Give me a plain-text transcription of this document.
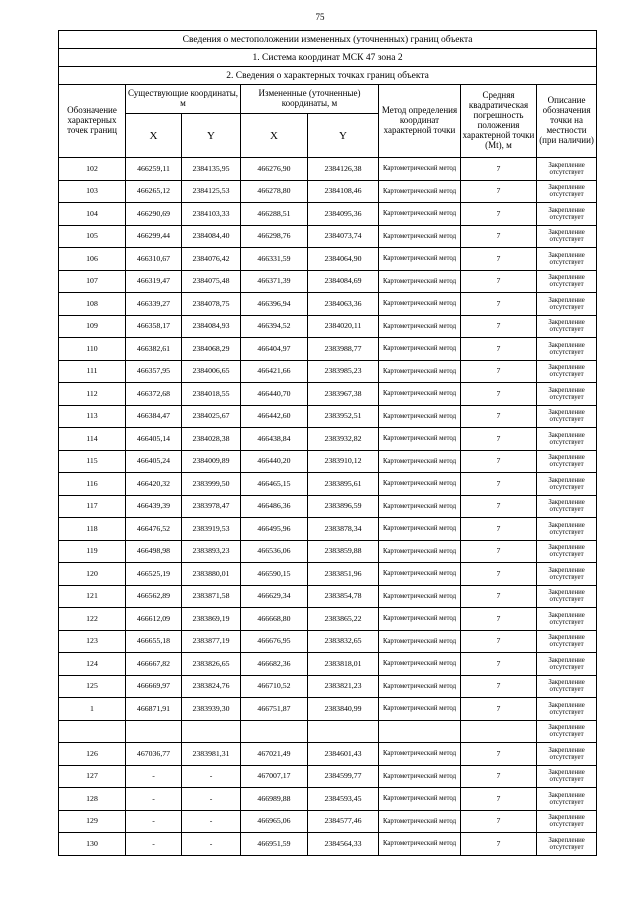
75
Сведения о местоположении измененных (уточненных) границ объекта							
1. Система координат МСК 47 зона 2							
2. Сведения о характерных точках границ объекта							
Обозначение характерных точек границ	Существующие координаты, м		Измененные (уточненные) координаты, м		Метод определения координат характерной точки	Средняя квадратическая погрешность положения характерной точки (Mt), м	Описание обозначения точки на местности (при наличии)
	X	Y	X	Y			
102	466259,11	2384135,95	466276,90	2384126,38	Картометрический метод	7	Закрепление отсутствует
103	466265,12	2384125,53	466278,80	2384108,46	Картометрический метод	7	Закрепление отсутствует
104	466290,69	2384103,33	466288,51	2384095,36	Картометрический метод	7	Закрепление отсутствует
105	466299,44	2384084,40	466298,76	2384073,74	Картометрический метод	7	Закрепление отсутствует
106	466310,67	2384076,42	466331,59	2384064,90	Картометрический метод	7	Закрепление отсутствует
107	466319,47	2384075,48	466371,39	2384084,69	Картометрический метод	7	Закрепление отсутствует
108	466339,27	2384078,75	466396,94	2384063,36	Картометрический метод	7	Закрепление отсутствует
109	466358,17	2384084,93	466394,52	2384020,11	Картометрический метод	7	Закрепление отсутствует
110	466382,61	2384068,29	466404,97	2383988,77	Картометрический метод	7	Закрепление отсутствует
111	466357,95	2384006,65	466421,66	2383985,23	Картометрический метод	7	Закрепление отсутствует
112	466372,68	2384018,55	466440,70	2383967,38	Картометрический метод	7	Закрепление отсутствует
113	466384,47	2384025,67	466442,60	2383952,51	Картометрический метод	7	Закрепление отсутствует
114	466405,14	2384028,38	466438,84	2383932,82	Картометрический метод	7	Закрепление отсутствует
115	466405,24	2384009,89	466440,20	2383910,12	Картометрический метод	7	Закрепление отсутствует
116	466420,32	2383999,50	466465,15	2383895,61	Картометрический метод	7	Закрепление отсутствует
117	466439,39	2383978,47	466486,36	2383896,59	Картометрический метод	7	Закрепление отсутствует
118	466476,52	2383919,53	466495,96	2383878,34	Картометрический метод	7	Закрепление отсутствует
119	466498,98	2383893,23	466536,06	2383859,88	Картометрический метод	7	Закрепление отсутствует
120	466525,19	2383880,01	466590,15	2383851,96	Картометрический метод	7	Закрепление отсутствует
121	466562,89	2383871,58	466629,34	2383854,78	Картометрический метод	7	Закрепление отсутствует
122	466612,09	2383869,19	466668,80	2383865,22	Картометрический метод	7	Закрепление отсутствует
123	466655,18	2383877,19	466676,95	2383832,65	Картометрический метод	7	Закрепление отсутствует
124	466667,82	2383826,65	466682,36	2383818,01	Картометрический метод	7	Закрепление отсутствует
125	466669,97	2383824,76	466710,52	2383821,23	Картометрический метод	7	Закрепление отсутствует
1	466871,91	2383939,30	466751,87	2383840,99	Картометрический метод	7	Закрепление отсутствует
							Закрепление отсутствует
126	467036,77	2383981,31	467021,49	2384601,43	Картометрический метод	7	Закрепление отсутствует
127	-	-	467007,17	2384599,77	Картометрический метод	7	Закрепление отсутствует
128	-	-	466989,88	2384593,45	Картометрический метод	7	Закрепление отсутствует
129	-	-	466965,06	2384577,46	Картометрический метод	7	Закрепление отсутствует
130	-	-	466951,59	2384564,33	Картометрический метод	7	Закрепление отсутствует
